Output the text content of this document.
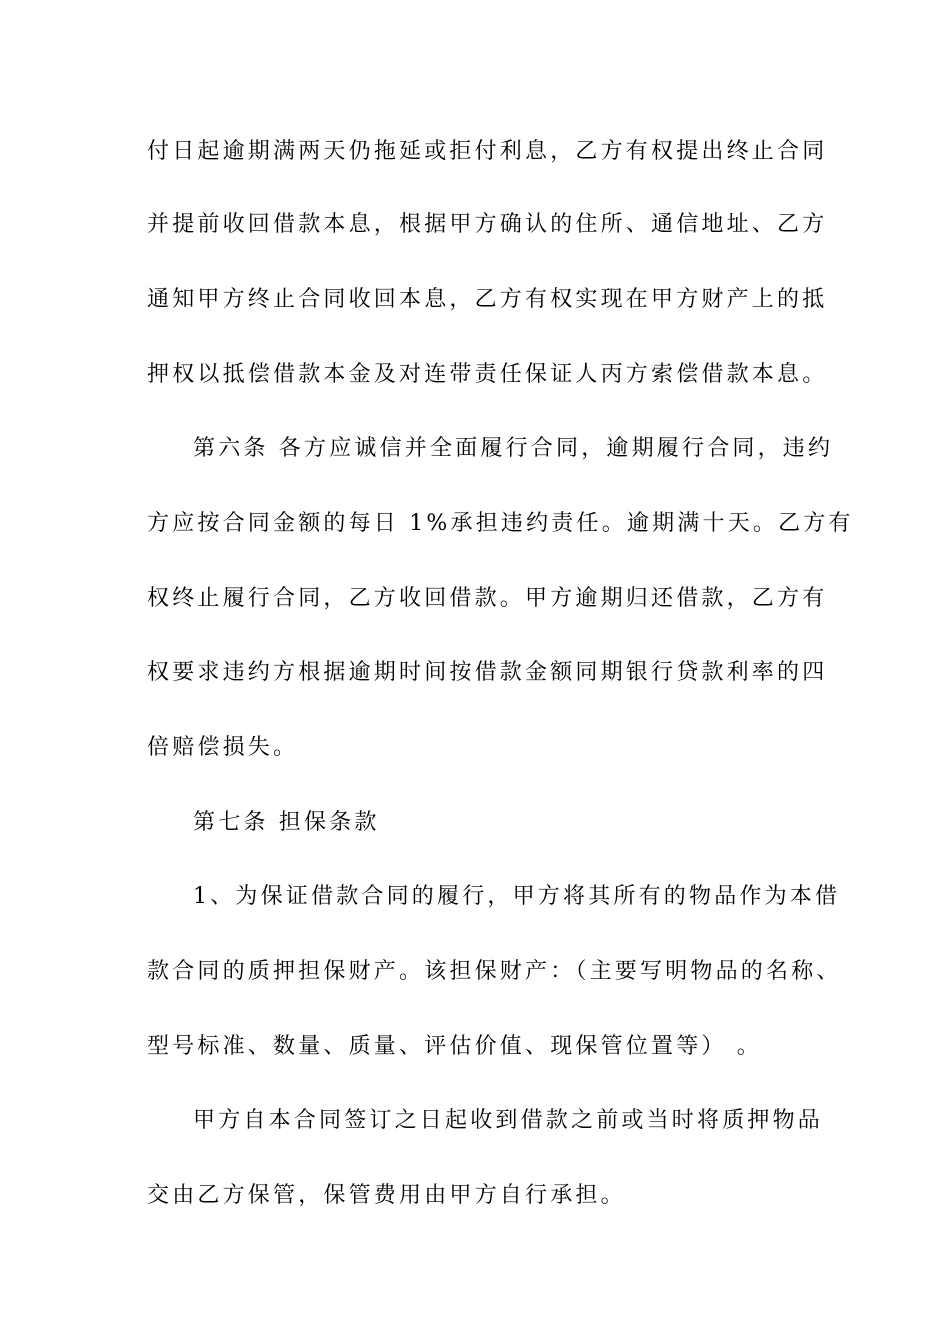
付日起逾期满两天仍拖延或拒付利息，乙方有权提出终止合同
并提前收回借款本息，根据甲方确认的住所、通信地址、乙方
通知甲方终止合同收回本息，乙方有权实现在甲方财产上的抵
押权以抵偿借款本金及对连带责任保证人丙方索偿借款本息。
第六条 各方应诚信并全面履行合同，逾期履行合同，违约
方应按合同金额的每日 1%承担违约责任。逾期满十天。乙方有
权终止履行合同，乙方收回借款。甲方逾期归还借款，乙方有
权要求违约方根据逾期时间按借款金额同期银行贷款利率的四
倍赔偿损失。
第七条 担保条款
1、为保证借款合同的履行，甲方将其所有的物品作为本借
款合同的质押担保财产。该担保财产：（主要写明物品的名称、
型号标准、数量、质量、评估价值、现保管位置等） 。
甲方自本合同签订之日起收到借款之前或当时将质押物品
交由乙方保管，保管费用由甲方自行承担。
